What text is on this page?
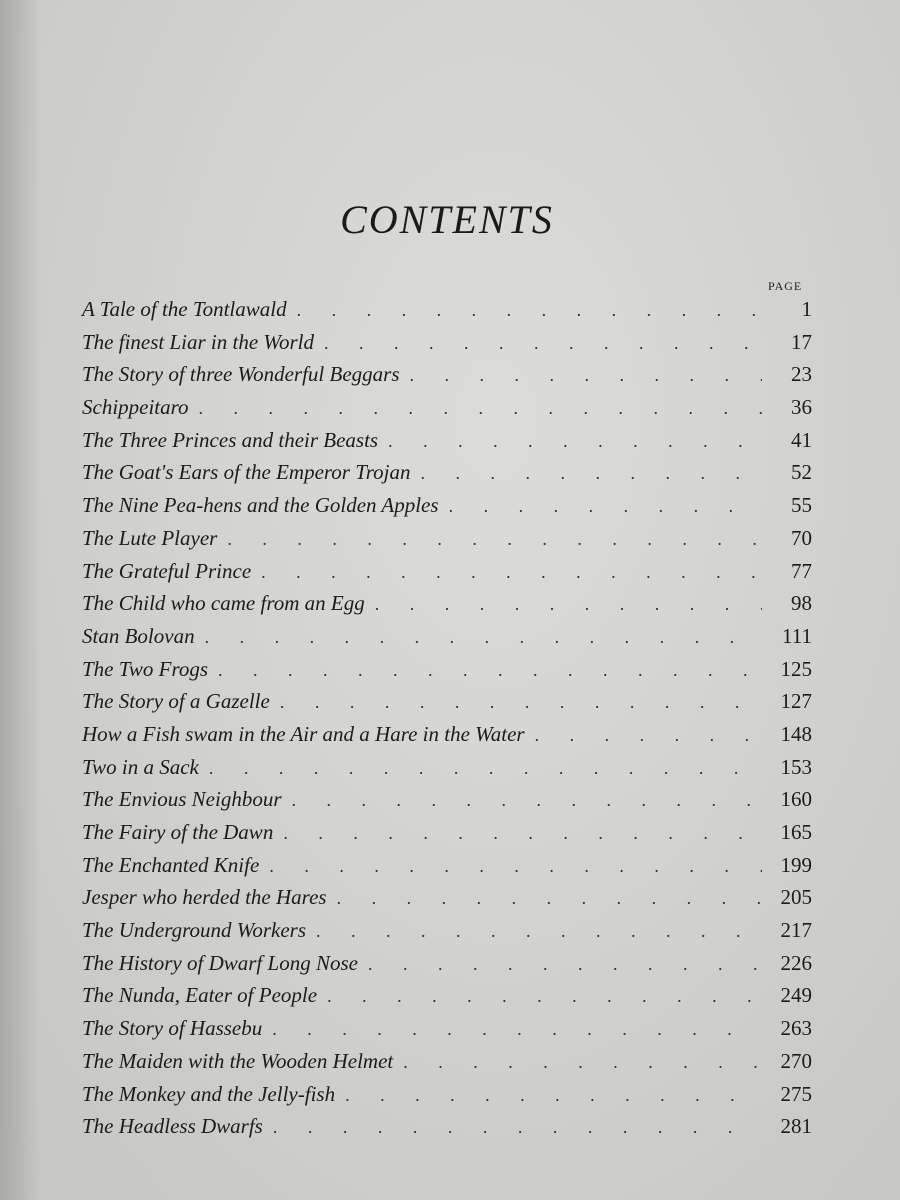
CONTENTS
PAGE
A Tale of the Tontlawald . . .	1
The finest Liar in the World . . .	17
The Story of three Wonderful Beggars . . .	23
Schippeitaro . . .	36
The Three Princes and their Beasts . . .	41
The Goat's Ears of the Emperor Trojan . . .	52
The Nine Pea-hens and the Golden Apples . . .	55
The Lute Player . . .	70
The Grateful Prince . . .	77
The Child who came from an Egg . . .	98
Stan Bolovan . . .	111
The Two Frogs . . .	125
The Story of a Gazelle . . .	127
How a Fish swam in the Air and a Hare in the Water . . .	148
Two in a Sack . . .	153
The Envious Neighbour . . .	160
The Fairy of the Dawn . . .	165
The Enchanted Knife . . .	199
Jesper who herded the Hares . . .	205
The Underground Workers . . .	217
The History of Dwarf Long Nose . . .	226
The Nunda, Eater of People . . .	249
The Story of Hassebu . . .	263
The Maiden with the Wooden Helmet . . .	270
The Monkey and the Jelly-fish . . .	275
The Headless Dwarfs . . .	281
